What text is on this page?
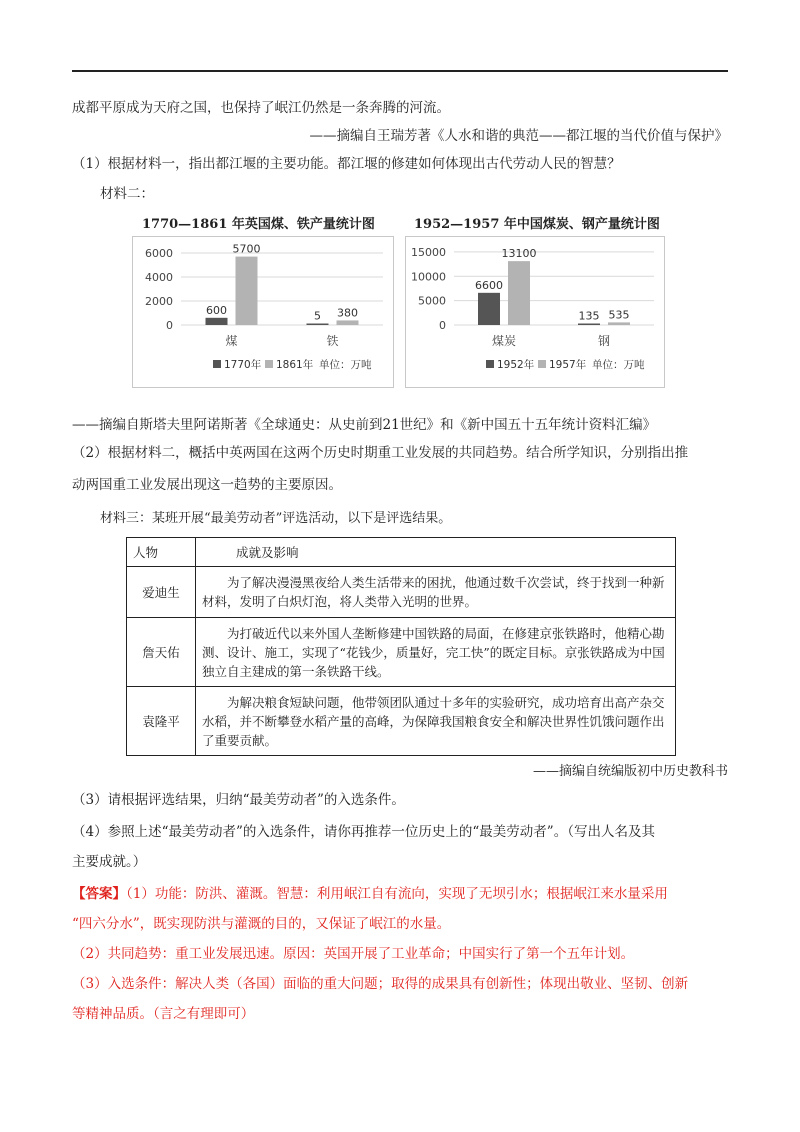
成都平原成为天府之国，也保持了岷江仍然是一条奔腾的河流。
——摘编自王瑞芳著《人水和谐的典范——都江堰的当代价值与保护》
（1）根据材料一，指出都江堰的主要功能。都江堰的修建如何体现出古代劳动人民的智慧？
材料二：
1770—1861 年英国煤、铁产量统计图
0
2000
4000
6000
600
5700
煤
5 380
铁
1770年 1861年 单位：万吨
1952—1957 年中国煤炭、钢产量统计图
0
5000
10000
15000
6600
13100
煤炭
135 535
钢
1952年 1957年 单位：万吨
——摘编自斯塔夫里阿诺斯著《全球通史：从史前到21世纪》和《新中国五十五年统计资料汇编》
（2）根据材料二，概括中英两国在这两个历史时期重工业发展的共同趋势。结合所学知识，分别指出推
动两国重工业发展出现这一趋势的主要原因。
材料三：某班开展“最美劳动者”评选活动，以下是评选结果。
人物	成就及影响
爱迪生	为了解决漫漫黑夜给人类生活带来的困扰，他通过数千次尝试，终于找到一种新材料，发明了白炽灯泡，将人类带入光明的世界。
詹天佑	为打破近代以来外国人垄断修建中国铁路的局面，在修建京张铁路时，他精心勘测、设计、施工，实现了“花钱少，质量好，完工快”的既定目标。京张铁路成为中国独立自主建成的第一条铁路干线。
袁隆平	为解决粮食短缺问题，他带领团队通过十多年的实验研究，成功培育出高产杂交水稻，并不断攀登水稻产量的高峰，为保障我国粮食安全和解决世界性饥饿问题作出了重要贡献。
——摘编自统编版初中历史教科书
（3）请根据评选结果，归纳“最美劳动者”的入选条件。
（4）参照上述“最美劳动者”的入选条件，请你再推荐一位历史上的“最美劳动者”。（写出人名及其
主要成就。）
【答案】（1）功能：防洪、灌溉。智慧：利用岷江自有流向，实现了无坝引水；根据岷江来水量采用
“四六分水”，既实现防洪与灌溉的目的，又保证了岷江的水量。
（2）共同趋势：重工业发展迅速。原因：英国开展了工业革命；中国实行了第一个五年计划。
（3）入选条件：解决人类（各国）面临的重大问题；取得的成果具有创新性；体现出敬业、坚韧、创新
等精神品质。（言之有理即可）
